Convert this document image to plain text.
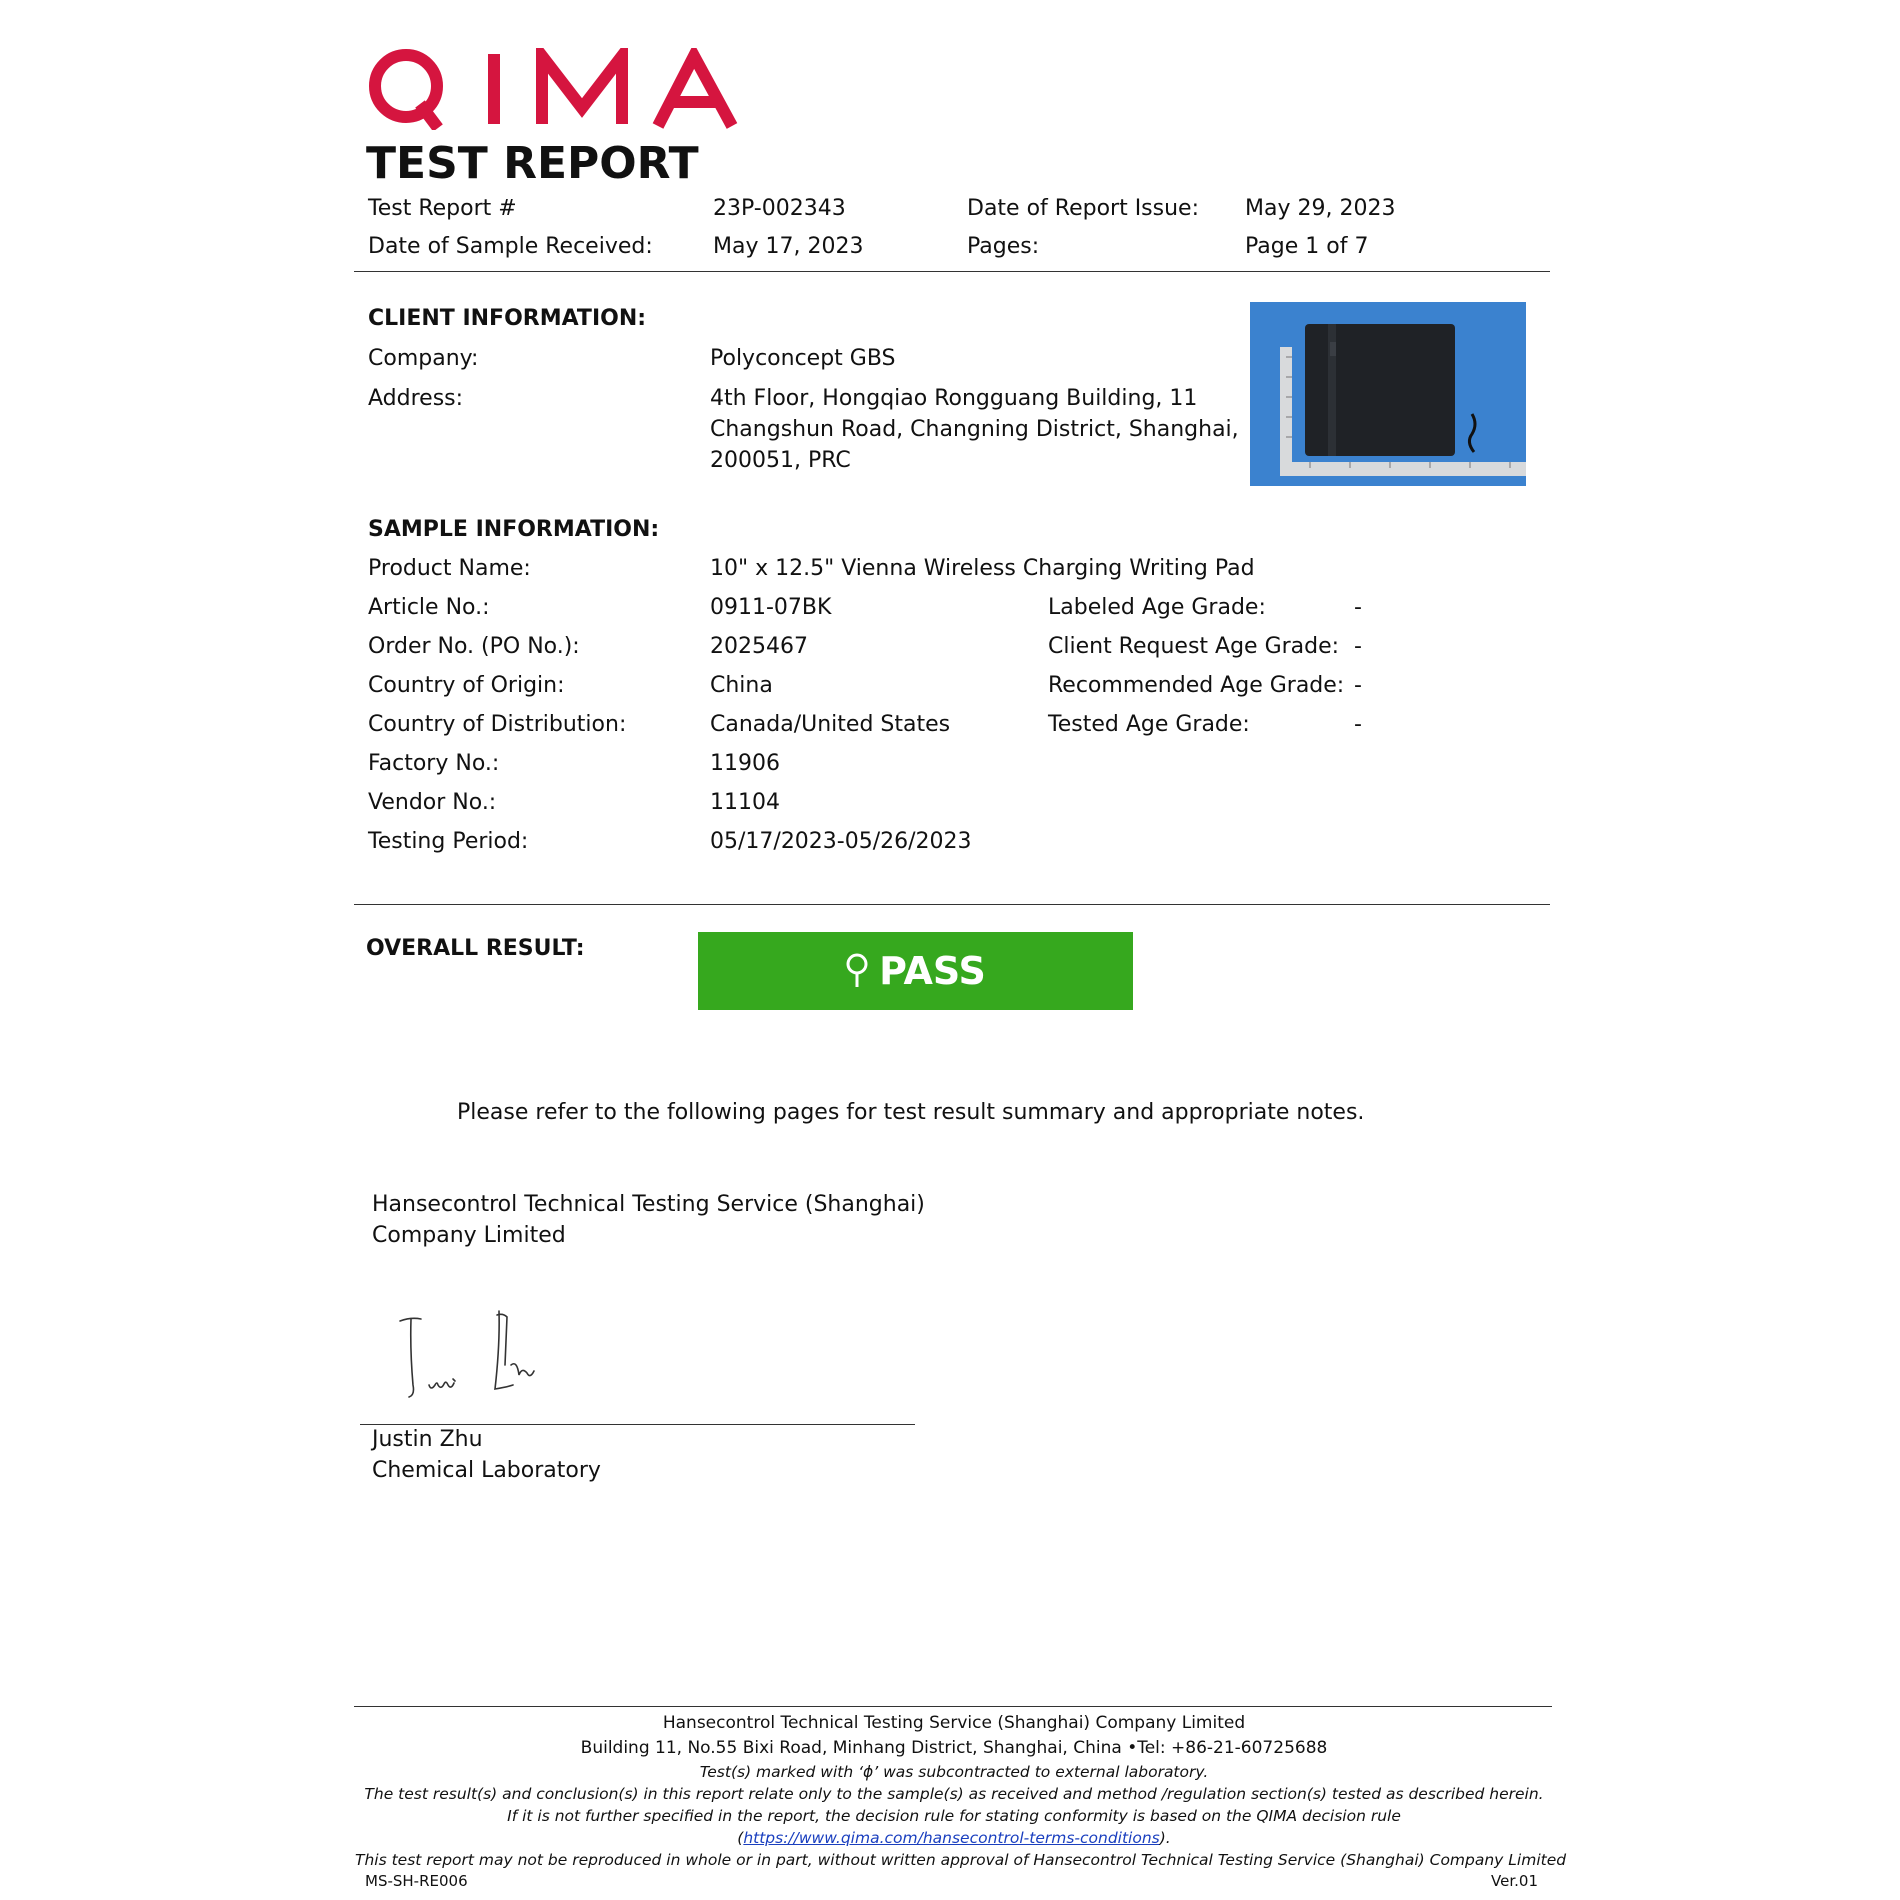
TEST REPORT
Test Report #	23P-002343	Date of Report Issue: May 29, 2023
Date of Sample Received:	May 17, 2023	Pages:	Page 1 of 7
CLIENT INFORMATION:
Company:	Polyconcept GBS
Address:	4th Floor, Hongqiao Rongguang Building, 11
Changshun Road, Changning District, Shanghai,
200051, PRC
SAMPLE INFORMATION:
Product Name:	10" x 12.5" Vienna Wireless Charging Writing Pad
Article No.:	0911-07BK
Order No. (PO No.):	2025467
Country of Origin:	China
Country of Distribution:	Canada/United States
Factory No.:	11906
Vendor No.:	11104
Testing Period:	05/17/2023-05/26/2023
Labeled Age Grade:	-
Client Request Age Grade: -
Recommended Age Grade: -
Tested Age Grade:	-
OVERALL RESULT:
PASS
Please refer to the following pages for test result summary and appropriate notes.
Hansecontrol Technical Testing Service (Shanghai)
Company Limited
Justin Zhu
Chemical Laboratory
Hansecontrol Technical Testing Service (Shanghai) Company Limited
Building 11, No.55 Bixi Road, Minhang District, Shanghai, China •Tel: +86-21-60725688
Test(s) marked with ‘ϕ’ was subcontracted to external laboratory.
The test result(s) and conclusion(s) in this report relate only to the sample(s) as received and method /regulation section(s) tested as described herein.
If it is not further specified in the report, the decision rule for stating conformity is based on the QIMA decision rule
(https://www.qima.com/hansecontrol-terms-conditions).
This test report may not be reproduced in whole or in part, without written approval of Hansecontrol Technical Testing Service (Shanghai) Company Limited
MS-SH-RE006	Ver.01
